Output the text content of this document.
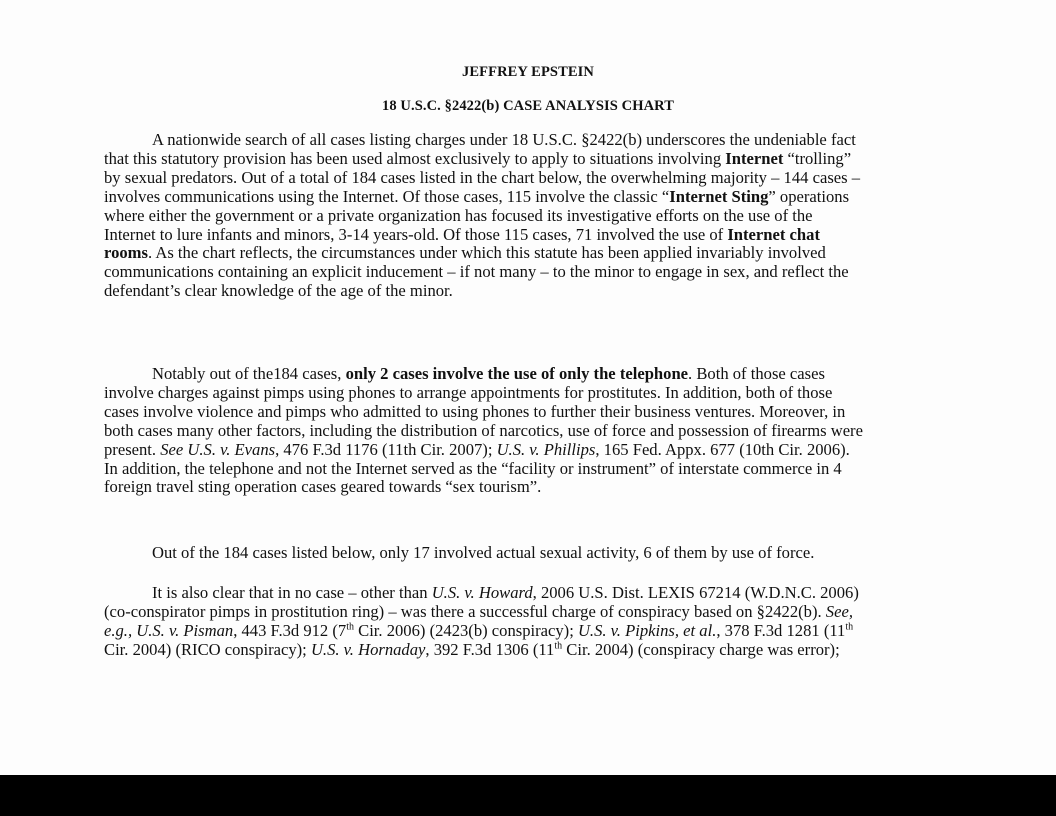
JEFFREY EPSTEIN
18 U.S.C. §2422(b) CASE ANALYSIS CHART
A nationwide search of all cases listing charges under 18 U.S.C. §2422(b) underscores the undeniable fact
that this statutory provision has been used almost exclusively to apply to situations involving Internet “trolling”
by sexual predators. Out of a total of 184 cases listed in the chart below, the overwhelming majority – 144 cases –
involves communications using the Internet. Of those cases, 115 involve the classic “Internet Sting” operations
where either the government or a private organization has focused its investigative efforts on the use of the
Internet to lure infants and minors, 3-14 years-old. Of those 115 cases, 71 involved the use of Internet chat
rooms. As the chart reflects, the circumstances under which this statute has been applied invariably involved
communications containing an explicit inducement – if not many – to the minor to engage in sex, and reflect the
defendant’s clear knowledge of the age of the minor.
Notably out of the184 cases, only 2 cases involve the use of only the telephone. Both of those cases
involve charges against pimps using phones to arrange appointments for prostitutes. In addition, both of those
cases involve violence and pimps who admitted to using phones to further their business ventures. Moreover, in
both cases many other factors, including the distribution of narcotics, use of force and possession of firearms were
present. See U.S. v. Evans, 476 F.3d 1176 (11th Cir. 2007); U.S. v. Phillips, 165 Fed. Appx. 677 (10th Cir. 2006).
In addition, the telephone and not the Internet served as the “facility or instrument” of interstate commerce in 4
foreign travel sting operation cases geared towards “sex tourism”.
Out of the 184 cases listed below, only 17 involved actual sexual activity, 6 of them by use of force.
It is also clear that in no case – other than U.S. v. Howard, 2006 U.S. Dist. LEXIS 67214 (W.D.N.C. 2006)
(co-conspirator pimps in prostitution ring) – was there a successful charge of conspiracy based on §2422(b). See,
e.g., U.S. v. Pisman, 443 F.3d 912 (7th Cir. 2006) (2423(b) conspiracy); U.S. v. Pipkins, et al., 378 F.3d 1281 (11th
Cir. 2004) (RICO conspiracy); U.S. v. Hornaday, 392 F.3d 1306 (11th Cir. 2004) (conspiracy charge was error);
